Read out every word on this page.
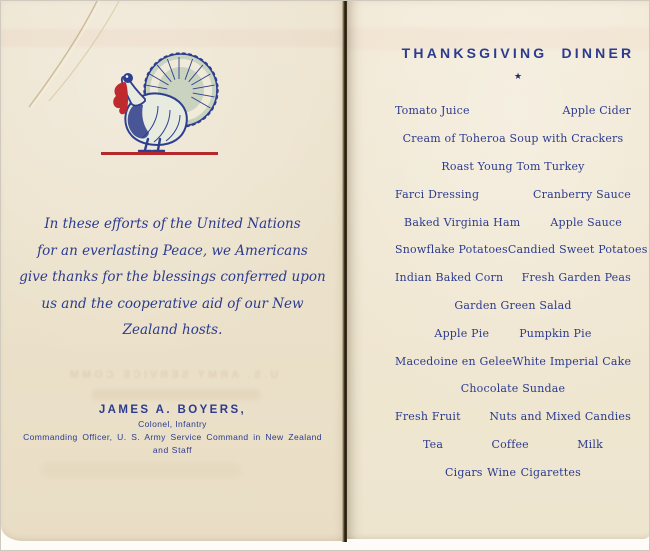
U.S. ARMY SERVICE COMM
In these efforts of the United Nations
for an everlasting Peace, we Americans
give thanks for the blessings conferred upon
us and the cooperative aid of our New
Zealand hosts.
JAMES A. BOYERS,
Colonel, Infantry
Commanding Officer, U. S. Army Service Command in New Zealand
and Staff
THANKSGIVING DINNER
★
Tomato Juice	Apple Cider
Cream of Toheroa Soup with Crackers
Roast Young Tom Turkey
Farci Dressing	Cranberry Sauce
Baked Virginia Ham	Apple Sauce
Snowflake Potatoes Candied Sweet Potatoes
Indian Baked Corn Fresh Garden Peas
Garden Green Salad
Apple Pie	Pumpkin Pie
Macedoine en Gelee White Imperial Cake
Chocolate Sundae
Fresh Fruit	Nuts and Mixed Candies
Tea	Coffee	Milk
Cigars Wine Cigarettes
